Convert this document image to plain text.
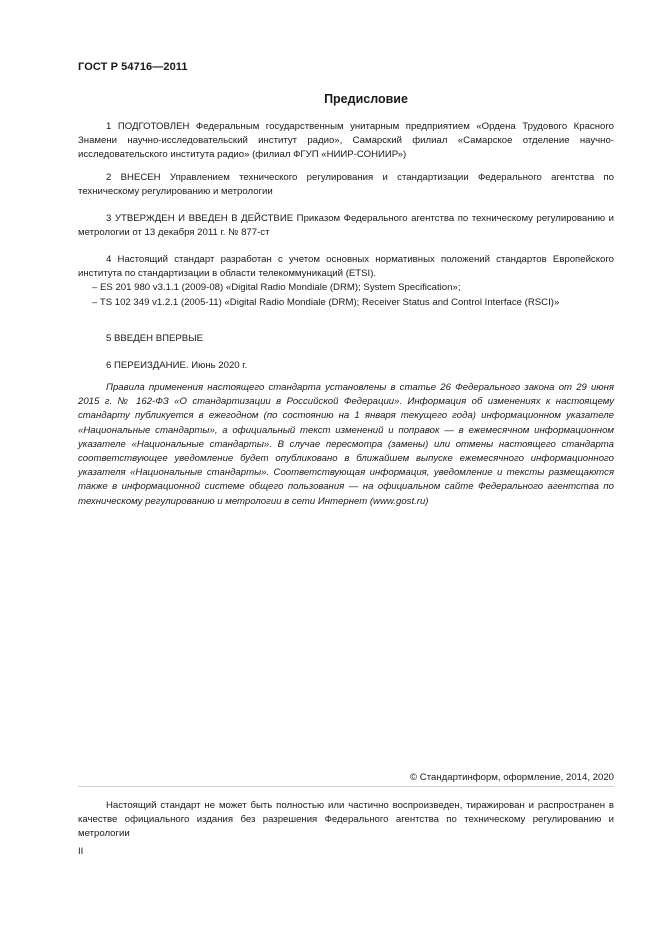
ГОСТ Р 54716—2011
Предисловие
1 ПОДГОТОВЛЕН Федеральным государственным унитарным предприятием «Ордена Трудового Красного Знамени научно-исследовательский институт радио», Самарский филиал «Самарское отделение научно-исследовательского института радио» (филиал ФГУП «НИИР-СОНИИР»)
2 ВНЕСЕН Управлением технического регулирования и стандартизации Федерального агентства по техническому регулированию и метрологии
3 УТВЕРЖДЕН И ВВЕДЕН В ДЕЙСТВИЕ Приказом Федерального агентства по техническому регулированию и метрологии от 13 декабря 2011 г. № 877-ст
4 Настоящий стандарт разработан с учетом основных нормативных положений стандартов Европейского института по стандартизации в области телекоммуникаций (ETSI).
– ES 201 980 v3.1.1 (2009-08) «Digital Radio Mondiale (DRM); System Specification»;
– TS 102 349 v1.2.1 (2005-11) «Digital Radio Mondiale (DRM); Receiver Status and Control Interface (RSCI)»
5 ВВЕДЕН ВПЕРВЫЕ
6 ПЕРЕИЗДАНИЕ. Июнь 2020 г.
Правила применения настоящего стандарта установлены в статье 26 Федерального закона от 29 июня 2015 г. № 162-ФЗ «О стандартизации в Российской Федерации». Информация об изменениях к настоящему стандарту публикуется в ежегодном (по состоянию на 1 января текущего года) информационном указателе «Национальные стандарты», а официальный текст изменений и поправок — в ежемесячном информационном указателе «Национальные стандарты». В случае пересмотра (замены) или отмены настоящего стандарта соответствующее уведомление будет опубликовано в ближайшем выпуске ежемесячного информационного указателя «Национальные стандарты». Соответствующая информация, уведомление и тексты размещаются также в информационной системе общего пользования — на официальном сайте Федерального агентства по техническому регулированию и метрологии в сети Интернет (www.gost.ru)
© Стандартинформ, оформление, 2014, 2020
Настоящий стандарт не может быть полностью или частично воспроизведен, тиражирован и распространен в качестве официального издания без разрешения Федерального агентства по техническому регулированию и метрологии
II
